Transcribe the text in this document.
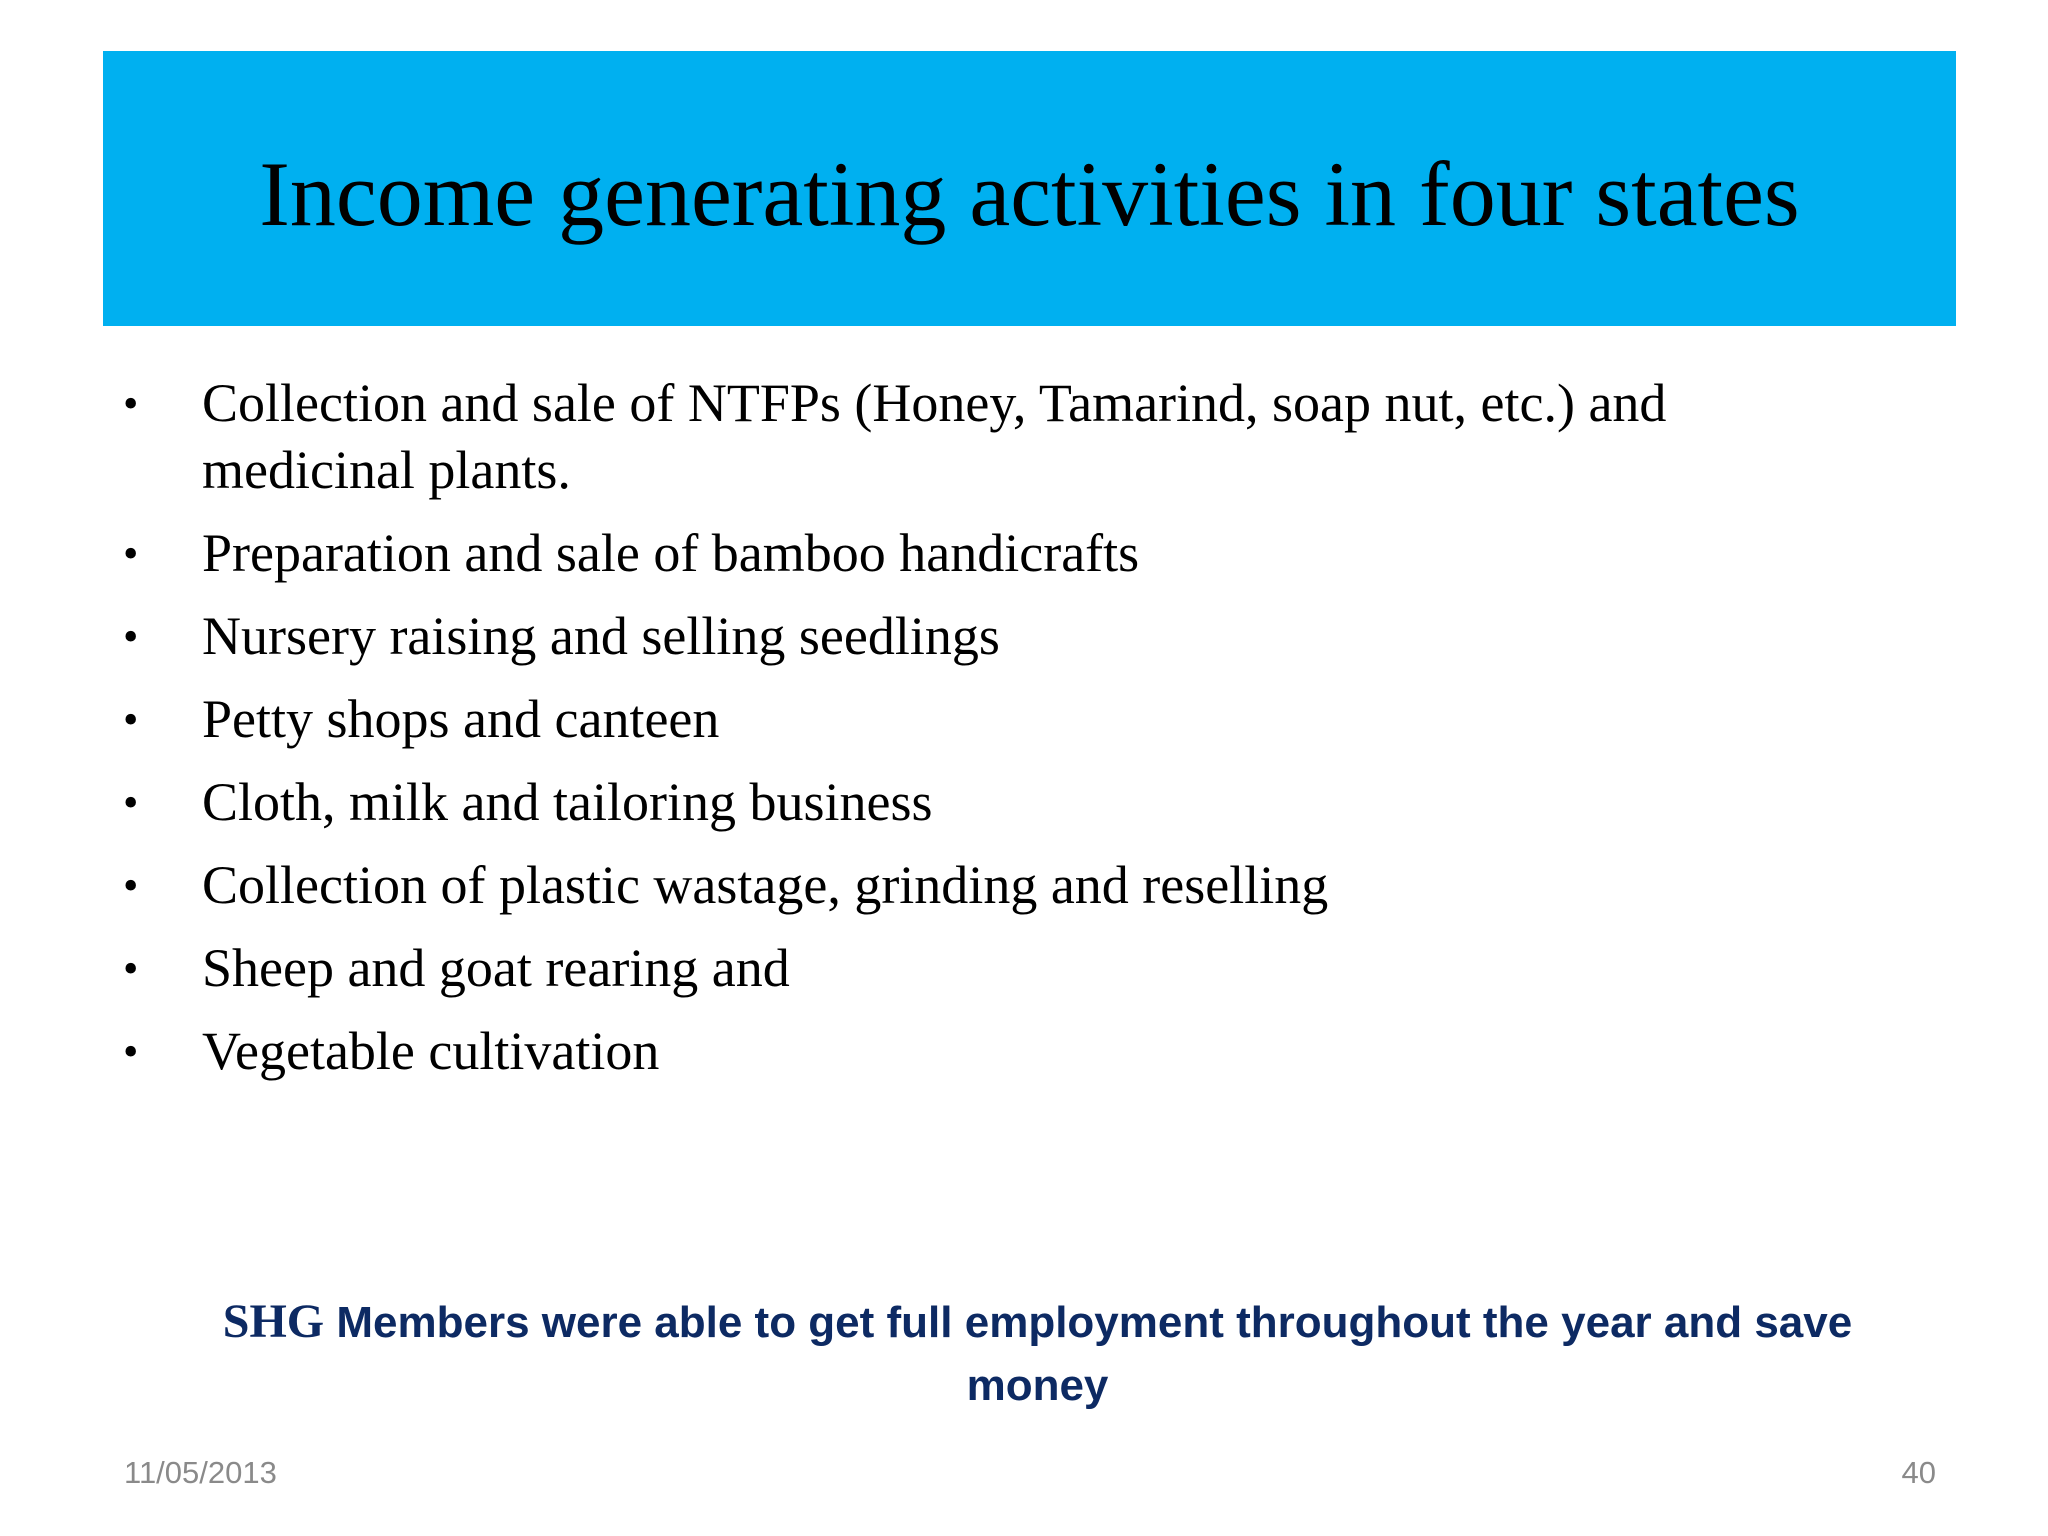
Income generating activities in four states
• Collection and sale of NTFPs (Honey, Tamarind, soap nut, etc.) and medicinal plants.
• Preparation and sale of bamboo handicrafts
• Nursery raising and selling seedlings
• Petty shops and canteen
• Cloth, milk and tailoring business
• Collection of plastic wastage, grinding and reselling
• Sheep and goat rearing and
• Vegetable cultivation

SHG Members were able to get full employment throughout the year and save money

11/05/2013	40
